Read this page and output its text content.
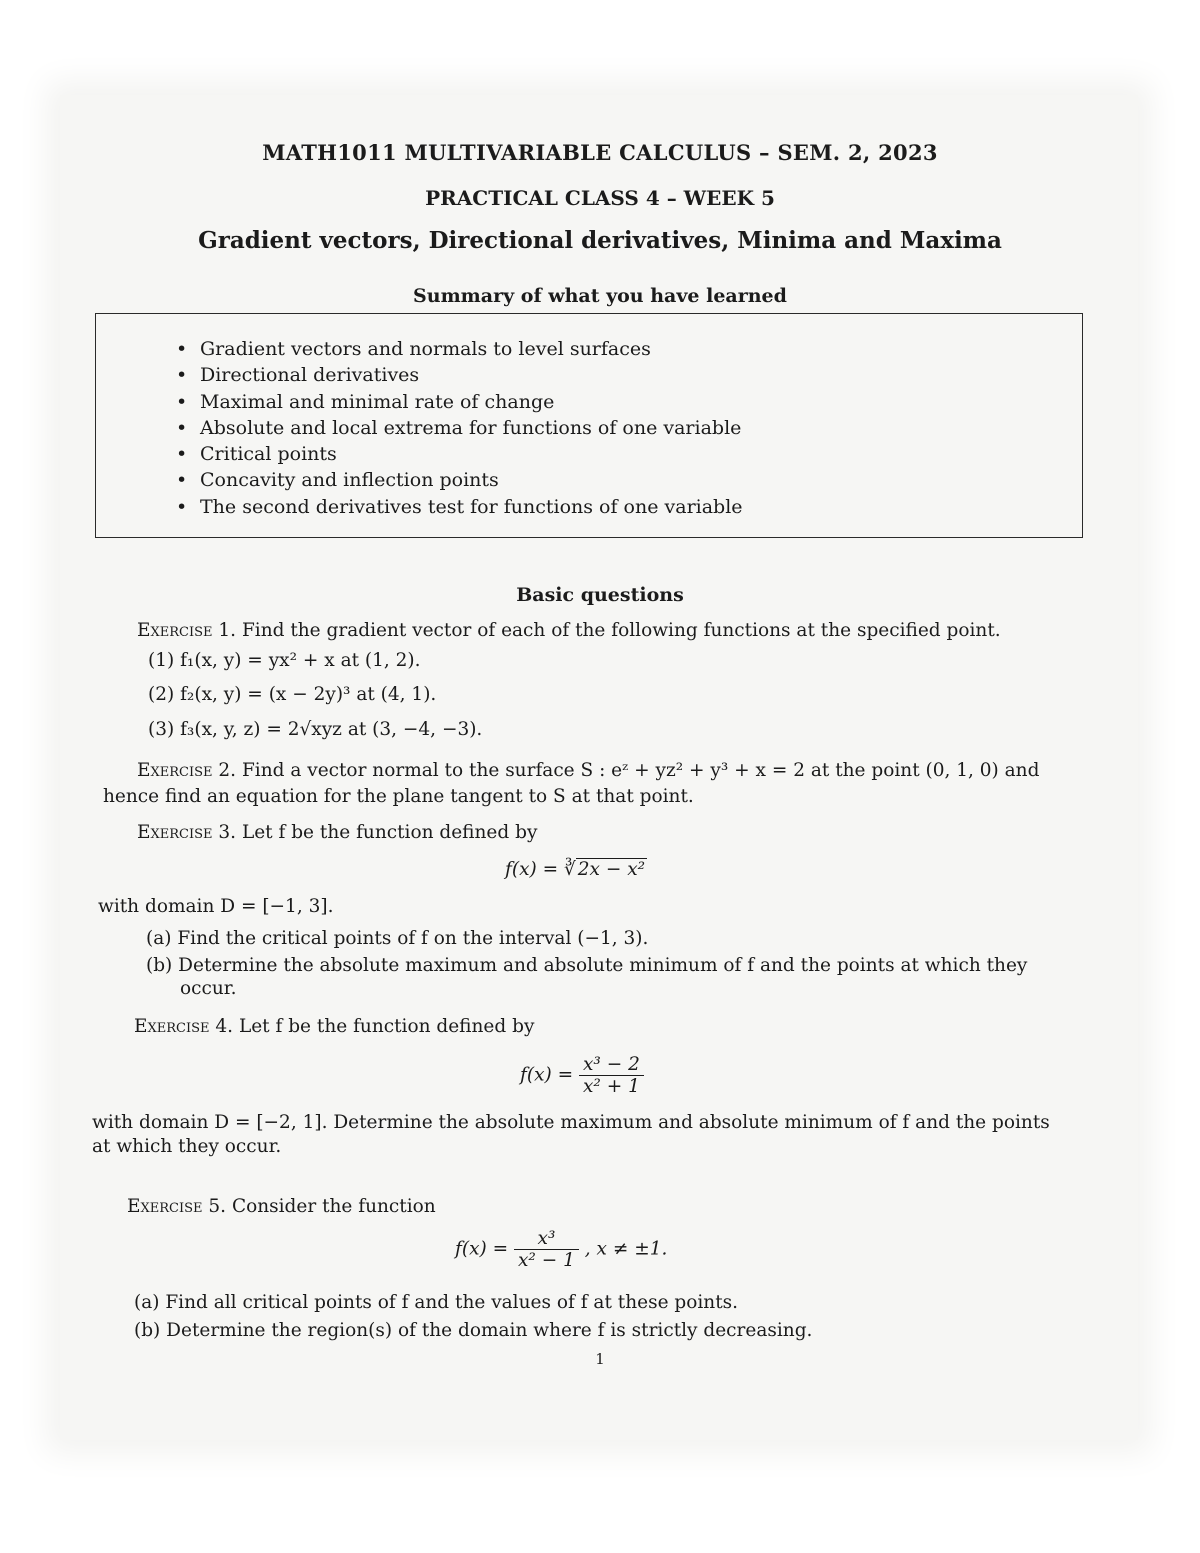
MATH1011 MULTIVARIABLE CALCULUS – SEM. 2, 2023
PRACTICAL CLASS 4 – WEEK 5
Gradient vectors, Directional derivatives, Minima and Maxima
Summary of what you have learned
• Gradient vectors and normals to level surfaces
• Directional derivatives
• Maximal and minimal rate of change
• Absolute and local extrema for functions of one variable
• Critical points
• Concavity and inflection points
• The second derivatives test for functions of one variable
Basic questions
Exercise 1. Find the gradient vector of each of the following functions at the specified point.
(1) f₁(x, y) = yx² + x at (1, 2).
(2) f₂(x, y) = (x − 2y)³ at (4, 1).
(3) f₃(x, y, z) = 2√xyz at (3, −4, −3).
Exercise 2. Find a vector normal to the surface S : eᶻ + yz² + y³ + x = 2 at the point (0, 1, 0) and
hence find an equation for the plane tangent to S at that point.
Exercise 3. Let f be the function defined by
f(x) = ∛ 2x − x²
with domain D = [−1, 3].
(a) Find the critical points of f on the interval (−1, 3).
(b) Determine the absolute maximum and absolute minimum of f and the points at which they
occur.
Exercise 4. Let f be the function defined by
$f(x) = \frac{\text{x³ − 2}}{\text{x² + 1}}$
with domain D = [−2, 1]. Determine the absolute maximum and absolute minimum of f and the points
at which they occur.
Exercise 5. Consider the function
$f(x) = \frac{\text{x³}}{\text{x² − 1}}$ , x ≠ ±1.
(a) Find all critical points of f and the values of f at these points.
(b) Determine the region(s) of the domain where f is strictly decreasing.
1
